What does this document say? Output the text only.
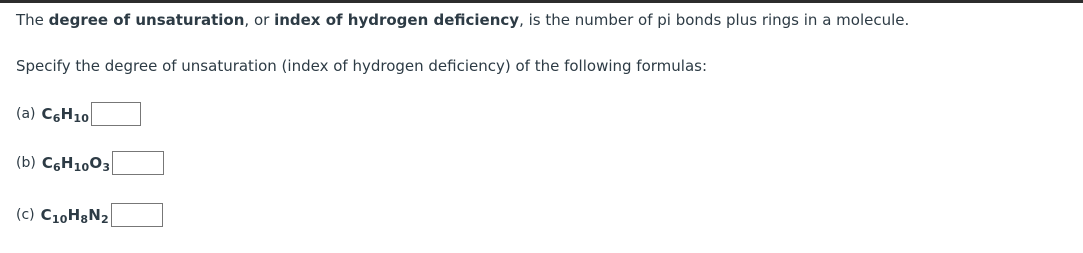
The degree of unsaturation, or index of hydrogen deficiency, is the number of pi bonds plus rings in a molecule.

Specify the degree of unsaturation (index of hydrogen deficiency) of the following formulas:

(a) $C_6H_{10}$
(b) $C_6H_{10}O_3$
(c) $C_{10}H_8N_2$
